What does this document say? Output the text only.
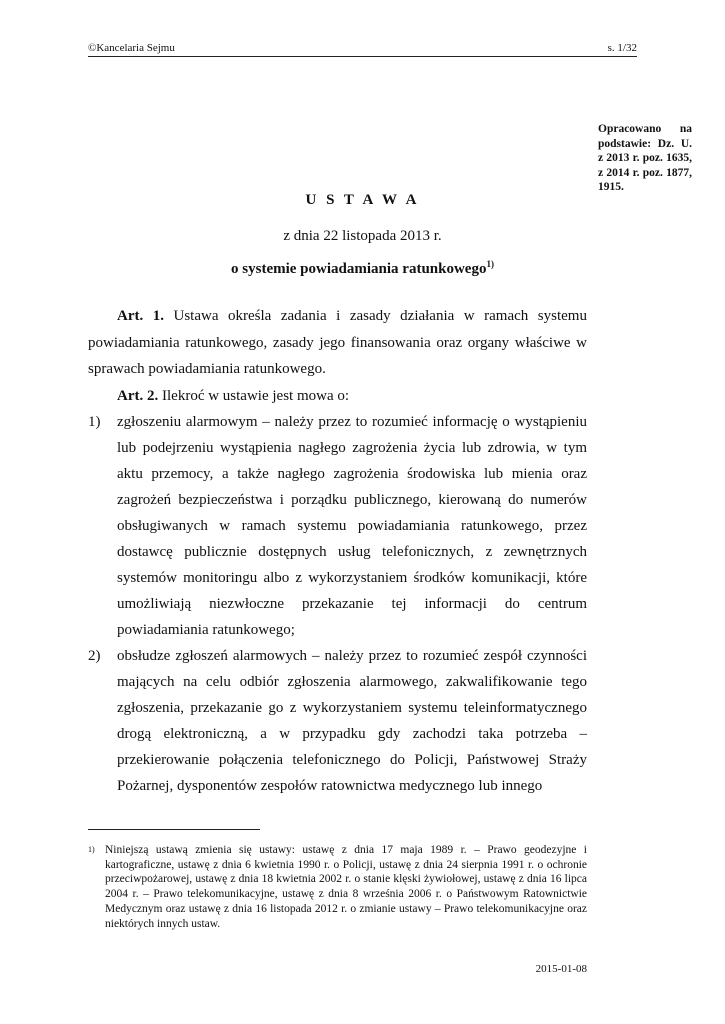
©Kancelaria Sejmu	s. 1/32
Opracowano na podstawie: Dz. U. z 2013 r. poz. 1635, z 2014 r. poz. 1877, 1915.
U S T A W A
z dnia 22 listopada 2013 r.
o systemie powiadamiania ratunkowego$^{1)}$
Art. 1. Ustawa określa zadania i zasady działania w ramach systemu powiadamiania ratunkowego, zasady jego finansowania oraz organy właściwe w sprawach powiadamiania ratunkowego.
Art. 2. Ilekroć w ustawie jest mowa o:
1)	zgłoszeniu alarmowym – należy przez to rozumieć informację o wystąpieniu lub podejrzeniu wystąpienia nagłego zagrożenia życia lub zdrowia, w tym aktu przemocy, a także nagłego zagrożenia środowiska lub mienia oraz zagrożeń bezpieczeństwa i porządku publicznego, kierowaną do numerów obsługiwanych w ramach systemu powiadamiania ratunkowego, przez dostawcę publicznie dostępnych usług telefonicznych, z zewnętrznych systemów monitoringu albo z wykorzystaniem środków komunikacji, które umożliwiają niezwłoczne przekazanie tej informacji do centrum powiadamiania ratunkowego;
2)	obsłudze zgłoszeń alarmowych – należy przez to rozumieć zespół czynności mających na celu odbiór zgłoszenia alarmowego, zakwalifikowanie tego zgłoszenia, przekazanie go z wykorzystaniem systemu teleinformatycznego drogą elektroniczną, a w przypadku gdy zachodzi taka potrzeba – przekierowanie połączenia telefonicznego do Policji, Państwowej Straży Pożarnej, dysponentów zespołów ratownictwa medycznego lub innego
1) Niniejszą ustawą zmienia się ustawy: ustawę z dnia 17 maja 1989 r. – Prawo geodezyjne i kartograficzne, ustawę z dnia 6 kwietnia 1990 r. o Policji, ustawę z dnia 24 sierpnia 1991 r. o ochronie przeciwpożarowej, ustawę z dnia 18 kwietnia 2002 r. o stanie klęski żywiołowej, ustawę z dnia 16 lipca 2004 r. – Prawo telekomunikacyjne, ustawę z dnia 8 września 2006 r. o Państwowym Ratownictwie Medycznym oraz ustawę z dnia 16 listopada 2012 r. o zmianie ustawy – Prawo telekomunikacyjne oraz niektórych innych ustaw.
2015-01-08
